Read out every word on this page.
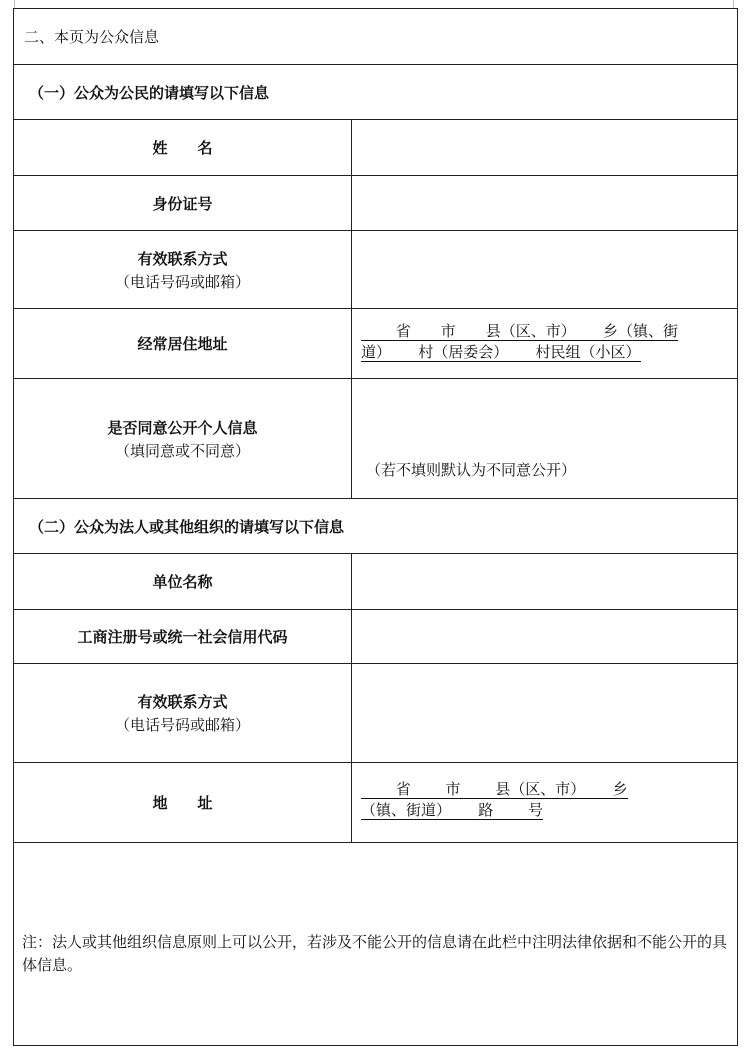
二、本页为公众信息
（一）公众为公民的请填写以下信息
姓　　名
身份证号
有效联系方式
（电话号码或邮箱）
经常居住地址
　　 省　　市　　县（区、市）　　 乡（镇、街
道）　　 村（居委会）　　 村民组（小区）
是否同意公开个人信息
（填同意或不同意）
（若不填则默认为不同意公开）
（二）公众为法人或其他组织的请填写以下信息
单位名称
工商注册号或统一社会信用代码
有效联系方式
（电话号码或邮箱）
地　　址
　　 省　　 市　　 县（区、市）　　 乡
（镇、街道）　　 路　　 号
注：法人或其他组织信息原则上可以公开，若涉及不能公开的信息请在此栏中注明法律依据和不能公开的具体信息。
